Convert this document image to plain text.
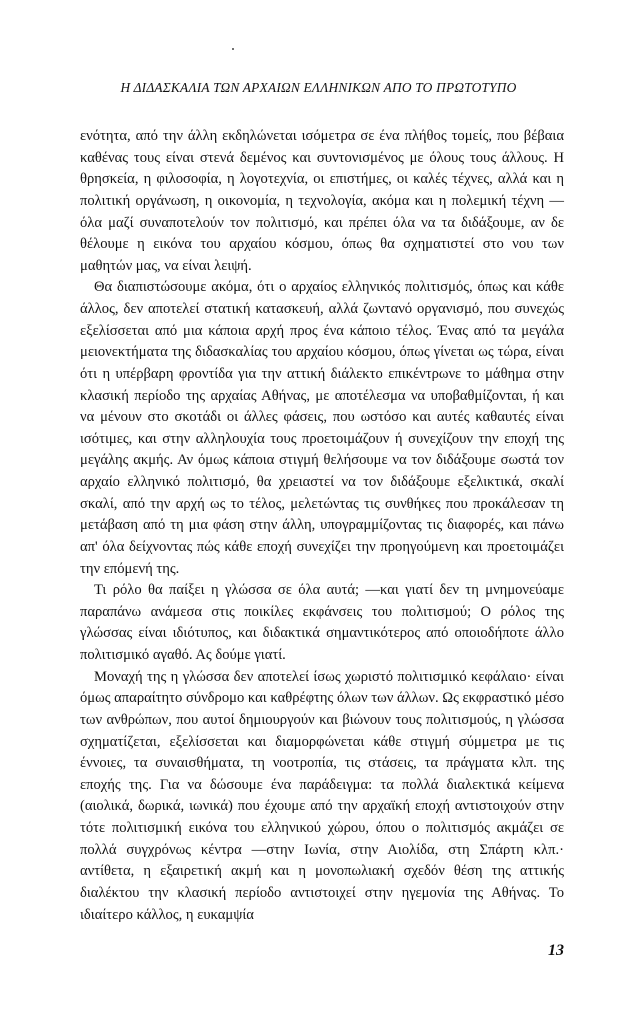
Η ΔΙΔΑΣΚΑΛΙΑ ΤΩΝ ΑΡΧΑΙΩΝ ΕΛΛΗΝΙΚΩΝ ΑΠΟ ΤΟ ΠΡΩΤΟΤΥΠΟ

ενότητα, από την άλλη εκδηλώνεται ισόμετρα σε ένα πλήθος τομείς, που βέβαια καθένας τους είναι στενά δεμένος και συντονισμένος με όλους τους άλλους. Η θρησκεία, η φιλοσοφία, η λογοτεχνία, οι επιστήμες, οι καλές τέχνες, αλλά και η πολιτική οργάνωση, η οικονομία, η τεχνολογία, ακόμα και η πολεμική τέχνη —όλα μαζί συναποτελούν τον πολιτισμό, και πρέπει όλα να τα διδάξουμε, αν δε θέλουμε η εικόνα του αρχαίου κόσμου, όπως θα σχηματιστεί στο νου των μαθητών μας, να είναι λειψή.

Θα διαπιστώσουμε ακόμα, ότι ο αρχαίος ελληνικός πολιτισμός, όπως και κάθε άλλος, δεν αποτελεί στατική κατασκευή, αλλά ζωντανό οργανισμό, που συνεχώς εξελίσσεται από μια κάποια αρχή προς ένα κάποιο τέλος. Ένας από τα μεγάλα μειονεκτήματα της διδασκαλίας του αρχαίου κόσμου, όπως γίνεται ως τώρα, είναι ότι η υπέρβαρη φροντίδα για την αττική διάλεκτο επικέντρωνε το μάθημα στην κλασική περίοδο της αρχαίας Αθήνας, με αποτέλεσμα να υποβαθμίζονται, ή και να μένουν στο σκοτάδι οι άλλες φάσεις, που ωστόσο και αυτές καθαυτές είναι ισότιμες, και στην αλληλουχία τους προετοιμάζουν ή συνεχίζουν την εποχή της μεγάλης ακμής. Αν όμως κάποια στιγμή θελήσουμε να τον διδάξουμε σωστά τον αρχαίο ελληνικό πολιτισμό, θα χρειαστεί να τον διδάξουμε εξελικτικά, σκαλί σκαλί, από την αρχή ως το τέλος, μελετώντας τις συνθήκες που προκάλεσαν τη μετάβαση από τη μια φάση στην άλλη, υπογραμμίζοντας τις διαφορές, και πάνω απ' όλα δείχνοντας πώς κάθε εποχή συνεχίζει την προηγούμενη και προετοιμάζει την επόμενή της.

Τι ρόλο θα παίξει η γλώσσα σε όλα αυτά; —και γιατί δεν τη μνημονεύαμε παραπάνω ανάμεσα στις ποικίλες εκφάνσεις του πολιτισμού; Ο ρόλος της γλώσσας είναι ιδιότυπος, και διδακτικά σημαντικότερος από οποιοδήποτε άλλο πολιτισμικό αγαθό. Ας δούμε γιατί.

Μοναχή της η γλώσσα δεν αποτελεί ίσως χωριστό πολιτισμικό κεφάλαιο· είναι όμως απαραίτητο σύνδρομο και καθρέφτης όλων των άλλων. Ως εκφραστικό μέσο των ανθρώπων, που αυτοί δημιουργούν και βιώνουν τους πολιτισμούς, η γλώσσα σχηματίζεται, εξελίσσεται και διαμορφώνεται κάθε στιγμή σύμμετρα με τις έννοιες, τα συναισθήματα, τη νοοτροπία, τις στάσεις, τα πράγματα κλπ. της εποχής της. Για να δώσουμε ένα παράδειγμα: τα πολλά διαλεκτικά κείμενα (αιολικά, δωρικά, ιωνικά) που έχουμε από την αρχαϊκή εποχή αντιστοιχούν στην τότε πολιτισμική εικόνα του ελληνικού χώρου, όπου ο πολιτισμός ακμάζει σε πολλά συγχρόνως κέντρα —στην Ιωνία, στην Αιολίδα, στη Σπάρτη κλπ.· αντίθετα, η εξαιρετική ακμή και η μονοπωλιακή σχεδόν θέση της αττικής διαλέκτου την κλασική περίοδο αντιστοιχεί στην ηγεμονία της Αθήνας. Το ιδιαίτερο κάλλος, η ευκαμψία

13
